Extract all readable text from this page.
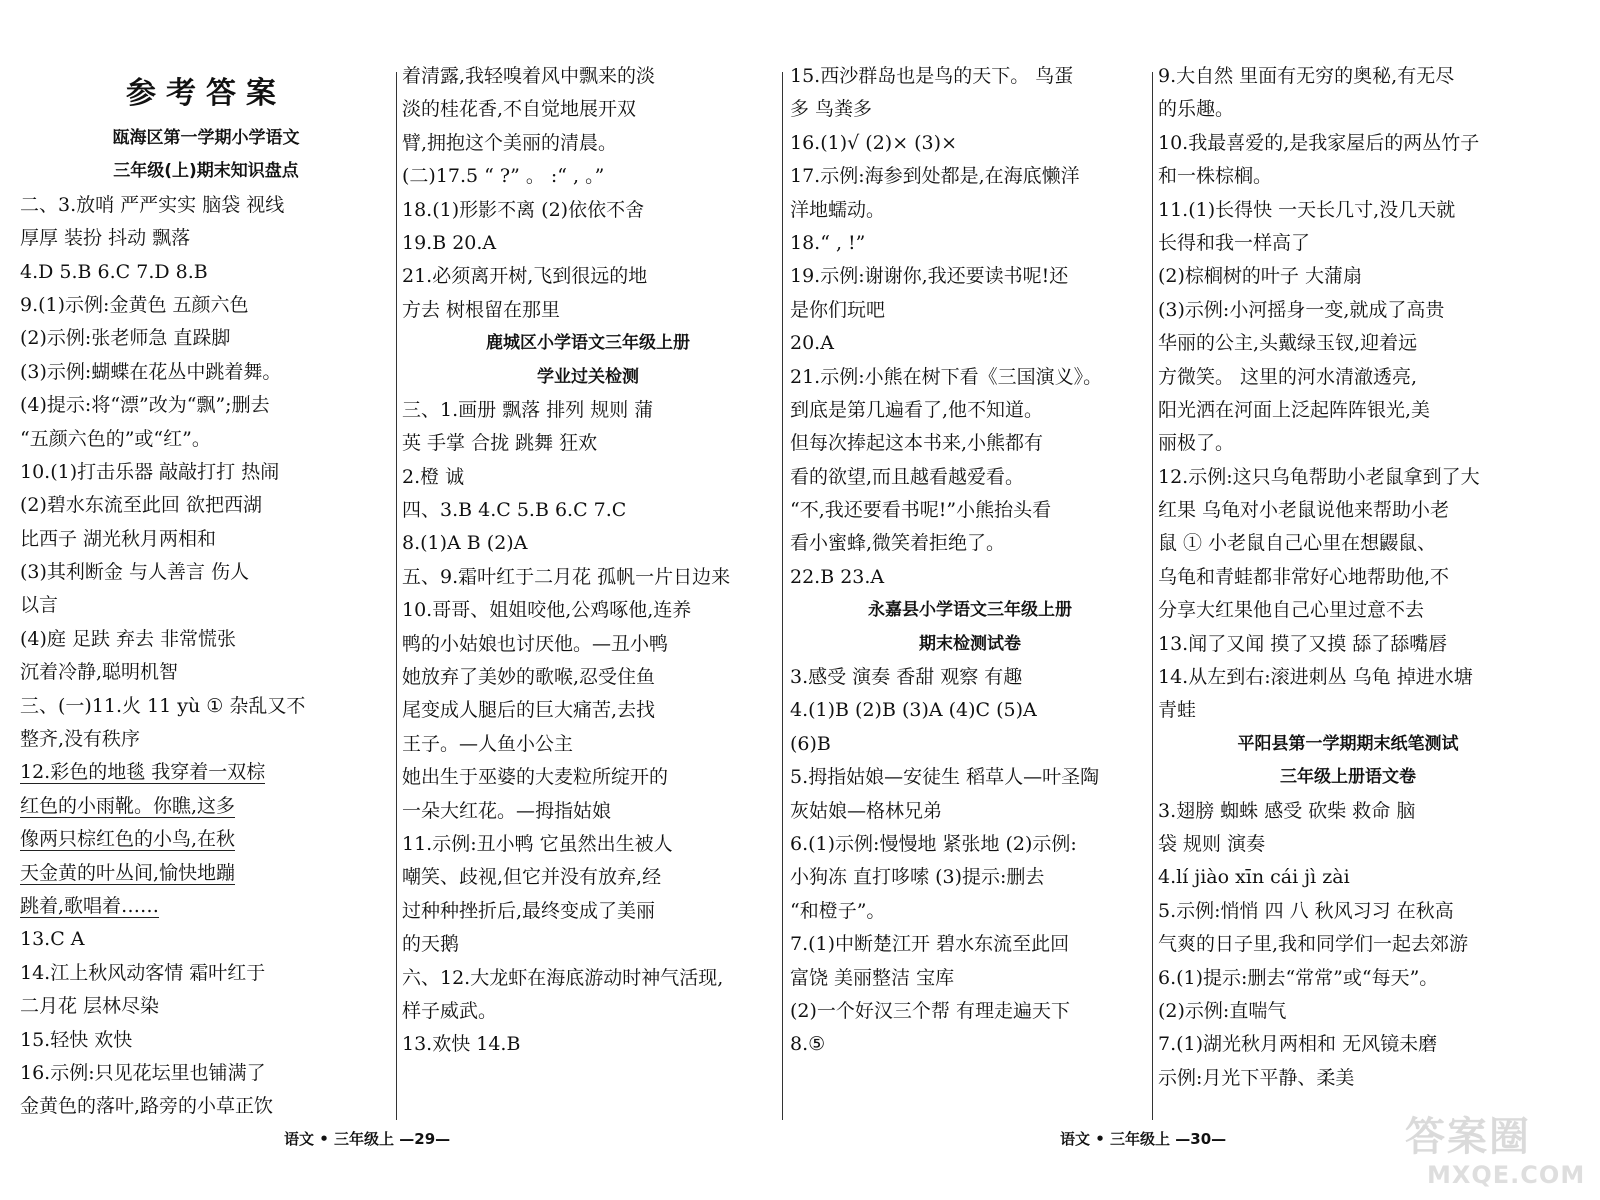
参考答案
瓯海区第一学期小学语文
三年级(上)期末知识盘点
二、3.放哨 严严实实 脑袋 视线
厚厚 装扮 抖动 飘落
4.D 5.B 6.C 7.D 8.B
9.(1)示例:金黄色 五颜六色
(2)示例:张老师急 直跺脚
(3)示例:蝴蝶在花丛中跳着舞。
(4)提示:将“漂”改为“飘”;删去
“五颜六色的”或“红”。
10.(1)打击乐器 敲敲打打 热闹
(2)碧水东流至此回 欲把西湖
比西子 湖光秋月两相和
(3)其利断金 与人善言 伤人
以言
(4)庭 足趺 弃去 非常慌张
沉着冷静,聪明机智
三、(一)11.火 11 yù ① 杂乱又不
整齐,没有秩序
12.彩色的地毯 我穿着一双棕
红色的小雨靴。你瞧,这多
像两只棕红色的小鸟,在秋
天金黄的叶丛间,愉快地蹦
跳着,歌唱着……
13.C A
14.江上秋风动客情 霜叶红于
二月花 层林尽染
15.轻快 欢快
16.示例:只见花坛里也铺满了
金黄色的落叶,路旁的小草正饮
着清露,我轻嗅着风中飘来的淡
淡的桂花香,不自觉地展开双
臂,拥抱这个美丽的清晨。
(二)17.5 “ ?” 。 :“ , 。”
18.(1)形影不离 (2)依依不舍
19.B 20.A
21.必须离开树,飞到很远的地
方去 树根留在那里
鹿城区小学语文三年级上册
学业过关检测
三、1.画册 飘落 排列 规则 蒲
英 手掌 合拢 跳舞 狂欢
2.橙 诚
四、3.B 4.C 5.B 6.C 7.C
8.(1)A B (2)A
五、9.霜叶红于二月花 孤帆一片日边来
10.哥哥、姐姐咬他,公鸡啄他,连养
鸭的小姑娘也讨厌他。—丑小鸭
她放弃了美妙的歌喉,忍受住鱼
尾变成人腿后的巨大痛苦,去找
王子。—人鱼小公主
她出生于巫婆的大麦粒所绽开的
一朵大红花。—拇指姑娘
11.示例:丑小鸭 它虽然出生被人
嘲笑、歧视,但它并没有放弃,经
过种种挫折后,最终变成了美丽
的天鹅
六、12.大龙虾在海底游动时神气活现,
样子威武。
13.欢快 14.B
15.西沙群岛也是鸟的天下。 鸟蛋
多 鸟粪多
16.(1)√ (2)× (3)×
17.示例:海参到处都是,在海底懒洋
洋地蠕动。
18.“ , !”
19.示例:谢谢你,我还要读书呢!还
是你们玩吧
20.A
21.示例:小熊在树下看《三国演义》。
到底是第几遍看了,他不知道。
但每次捧起这本书来,小熊都有
看的欲望,而且越看越爱看。
“不,我还要看书呢!”小熊抬头看
看小蜜蜂,微笑着拒绝了。
22.B 23.A
永嘉县小学语文三年级上册
期末检测试卷
3.感受 演奏 香甜 观察 有趣
4.(1)B (2)B (3)A (4)C (5)A
(6)B
5.拇指姑娘—安徒生 稻草人—叶圣陶
灰姑娘—格林兄弟
6.(1)示例:慢慢地 紧张地 (2)示例:
小狗冻 直打哆嗦 (3)提示:删去
“和橙子”。
7.(1)中断楚江开 碧水东流至此回
富饶 美丽整洁 宝库
(2)一个好汉三个帮 有理走遍天下
8.⑤
9.大自然 里面有无穷的奥秘,有无尽
的乐趣。
10.我最喜爱的,是我家屋后的两丛竹子
和一株棕榈。
11.(1)长得快 一天长几寸,没几天就
长得和我一样高了
(2)棕榈树的叶子 大蒲扇
(3)示例:小河摇身一变,就成了高贵
华丽的公主,头戴绿玉钗,迎着远
方微笑。 这里的河水清澈透亮,
阳光洒在河面上泛起阵阵银光,美
丽极了。
12.示例:这只乌龟帮助小老鼠拿到了大
红果 乌龟对小老鼠说他来帮助小老
鼠 ① 小老鼠自己心里在想鼹鼠、
乌龟和青蛙都非常好心地帮助他,不
分享大红果他自己心里过意不去
13.闻了又闻 摸了又摸 舔了舔嘴唇
14.从左到右:滚进刺丛 乌龟 掉进水塘
青蛙
平阳县第一学期期末纸笔测试
三年级上册语文卷
3.翅膀 蜘蛛 感受 砍柴 救命 脑
袋 规则 演奏
4.lí jiào xīn cái jì zài
5.示例:悄悄 四 八 秋风习习 在秋高
气爽的日子里,我和同学们一起去郊游
6.(1)提示:删去“常常”或“每天”。
(2)示例:直喘气
7.(1)湖光秋月两相和 无风镜未磨
示例:月光下平静、柔美
语文 • 三年级上 —29—	语文 • 三年级上 —30—	答案圈
MXQE.COM
